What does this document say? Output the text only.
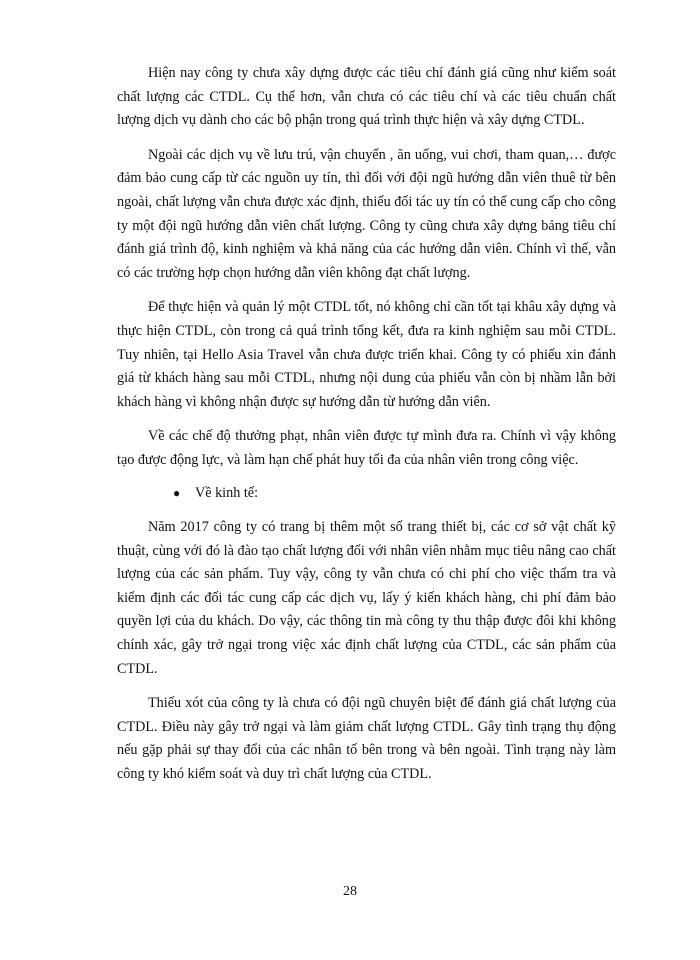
Hiện nay công ty chưa xây dựng được các tiêu chí đánh giá cũng như kiểm soát chất lượng các CTDL. Cụ thể hơn, vẫn chưa có các tiêu chí và các tiêu chuẩn chất lượng dịch vụ dành cho các bộ phận trong quá trình thực hiện và xây dựng CTDL.

Ngoài các dịch vụ về lưu trú, vận chuyển , ăn uống, vui chơi, tham quan,… được đảm bảo cung cấp từ các nguồn uy tín, thì đối với đội ngũ hướng dẫn viên thuê từ bên ngoài, chất lượng vẫn chưa được xác định, thiếu đối tác uy tín có thể cung cấp cho công ty một đội ngũ hướng dẫn viên chất lượng. Công ty cũng chưa xây dựng bảng tiêu chí đánh giá trình độ, kinh nghiệm và khả năng của các hướng dẫn viên. Chính vì thế, vẫn có các trường hợp chọn hướng dẫn viên không đạt chất lượng.

Để thực hiện và quản lý một CTDL tốt, nó không chỉ cần tốt tại khâu xây dựng và thực hiện CTDL, còn trong cả quá trình tổng kết, đưa ra kinh nghiệm sau mỗi CTDL. Tuy nhiên, tại Hello Asia Travel vẫn chưa được triển khai. Công ty có phiếu xin đánh giá từ khách hàng sau mỗi CTDL, nhưng nội dung của phiếu vẫn còn bị nhầm lẫn bởi khách hàng vì không nhận được sự hướng dẫn từ hướng dẫn viên.

Về các chế độ thưởng phạt, nhân viên được tự mình đưa ra. Chính vì vậy không tạo được động lực, và làm hạn chế phát huy tối đa của nhân viên trong công việc.

● Về kinh tế:

Năm 2017 công ty có trang bị thêm một số trang thiết bị, các cơ sở vật chất kỹ thuật, cùng với đó là đào tạo chất lượng đối với nhân viên nhằm mục tiêu nâng cao chất lượng của các sản phẩm. Tuy vậy, công ty vẫn chưa có chi phí cho việc thẩm tra và kiểm định các đối tác cung cấp các dịch vụ, lấy ý kiến khách hàng, chi phí đảm bảo quyền lợi của du khách. Do vậy, các thông tin mà công ty thu thập được đôi khi không chính xác, gây trở ngại trong việc xác định chất lượng của CTDL, các sản phẩm của CTDL.

Thiếu xót của công ty là chưa có đội ngũ chuyên biệt để đánh giá chất lượng của CTDL. Điều này gây trở ngại và làm giảm chất lượng CTDL. Gây tình trạng thụ động nếu gặp phải sự thay đổi của các nhân tố bên trong và bên ngoài. Tình trạng này làm công ty khó kiểm soát và duy trì chất lượng của CTDL.

28
